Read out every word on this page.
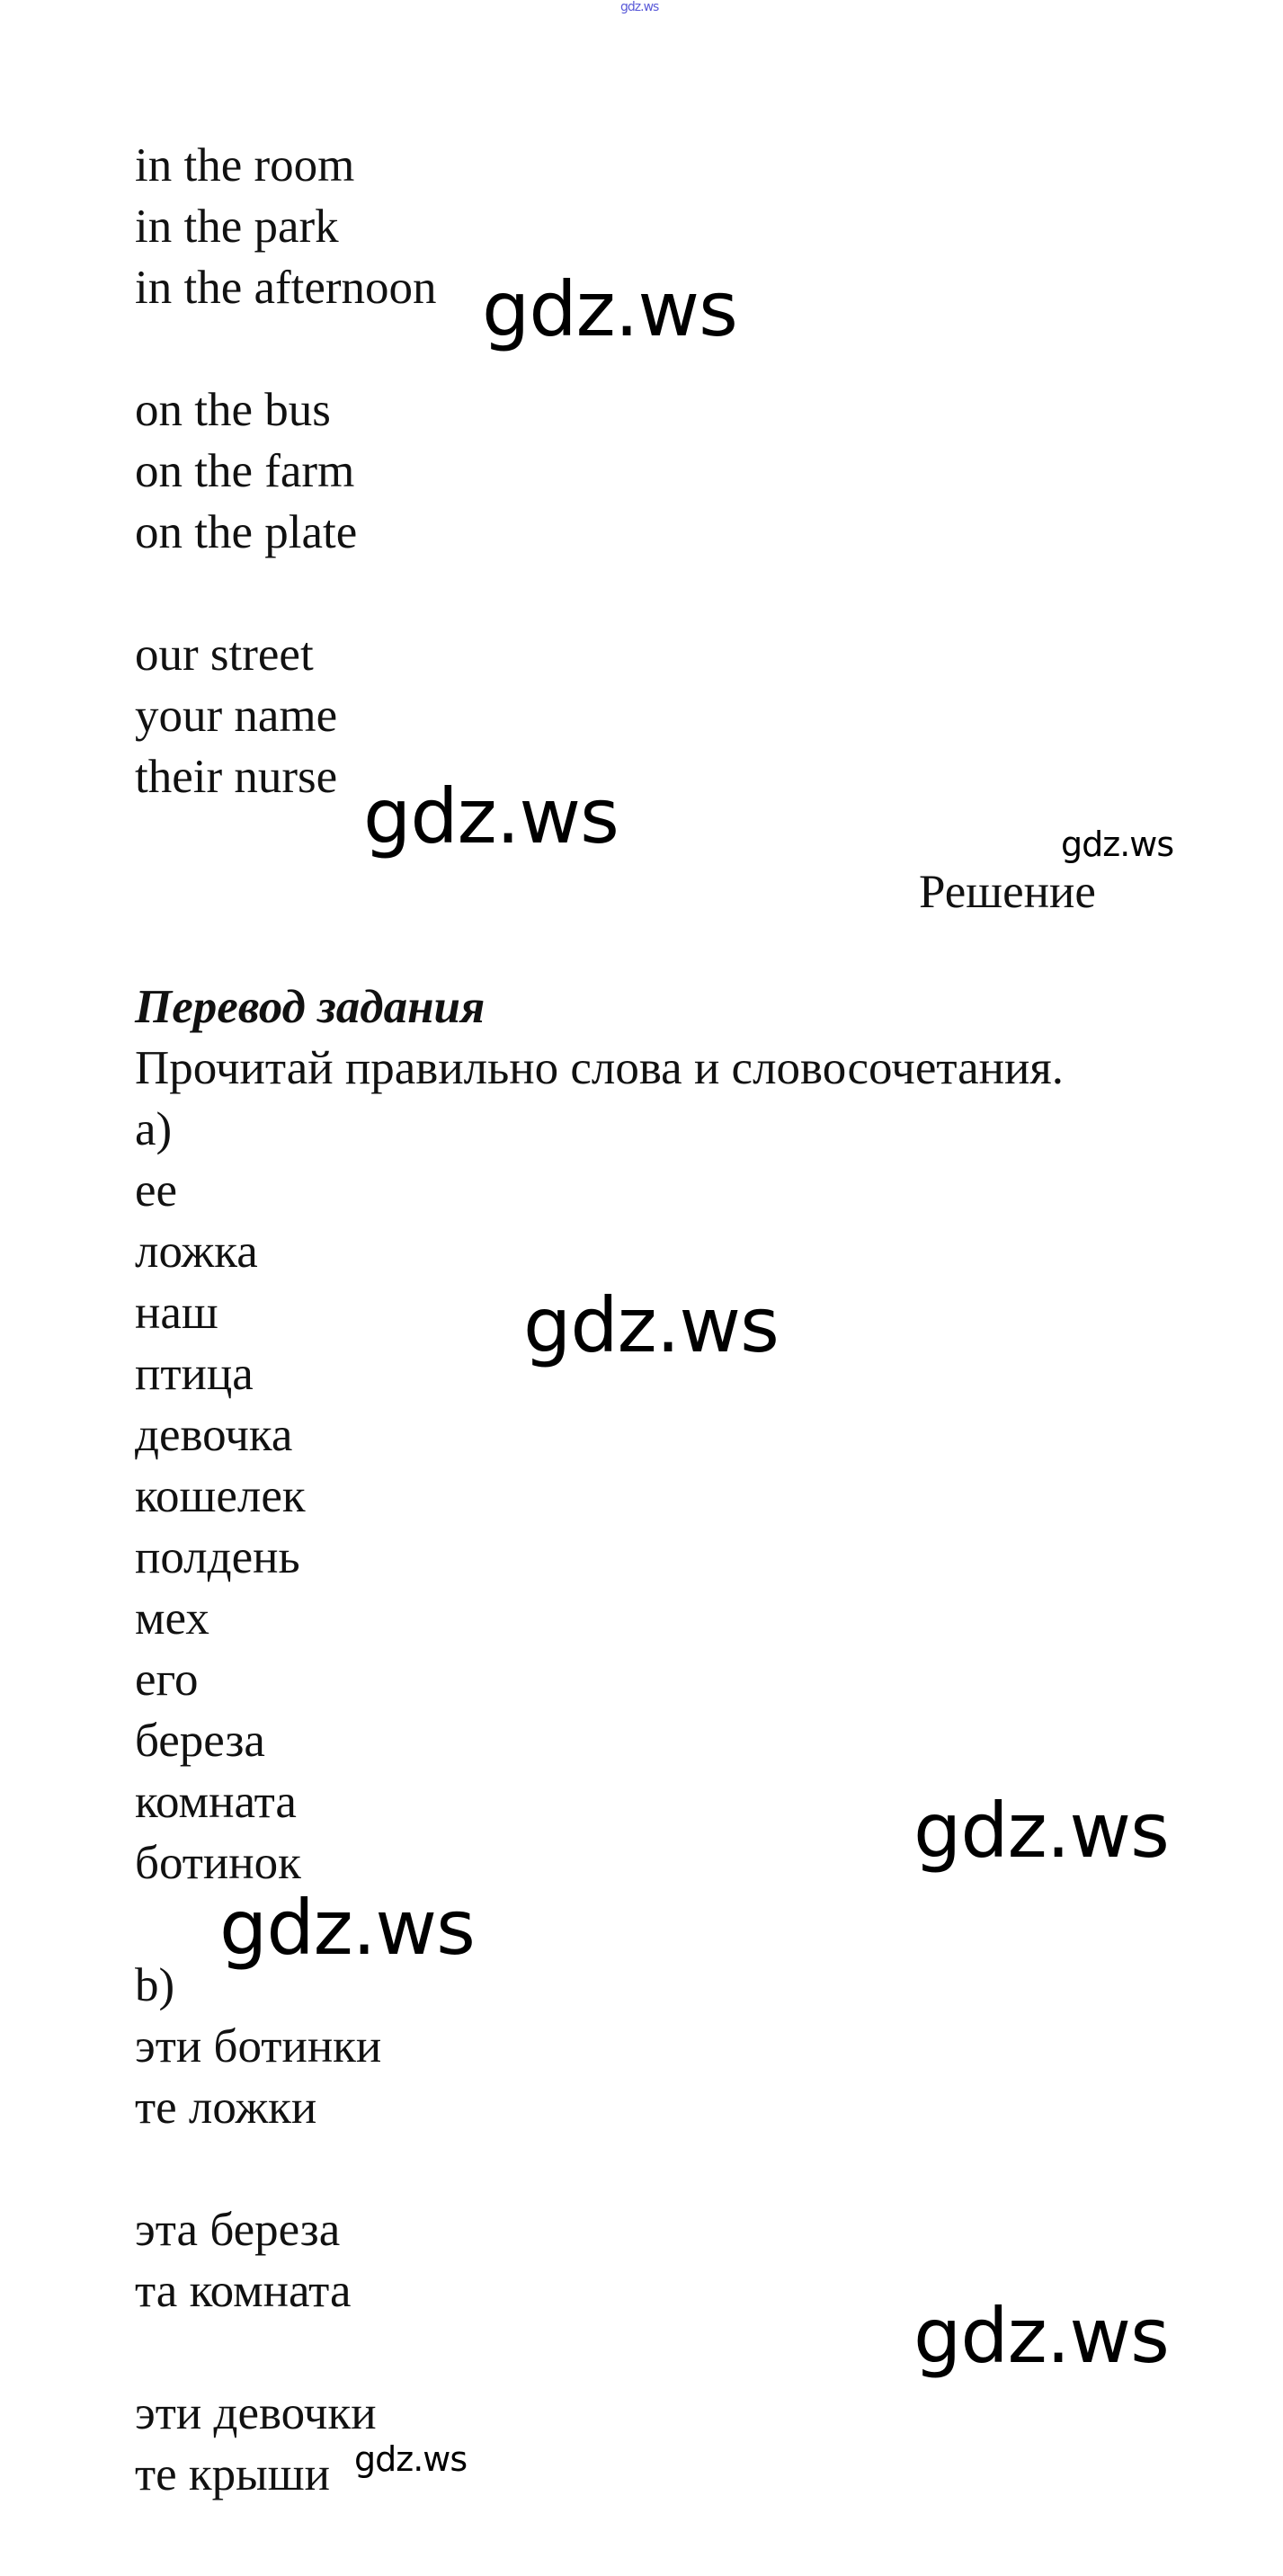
gdz.ws
in the room
in the park
in the afternoon
on the bus
on the farm
on the plate
our street
your name
their nurse
Решение
Перевод задания
Прочитай правильно слова и словосочетания.
a)
ее
ложка
наш
птица
девочка
кошелек
полдень
мех
его
береза
комната
ботинок
b)
эти ботинки
те ложки
эта береза
та комната
эти девочки
те крыши
gdz.ws
gdz.ws	gdz.ws
gdz.ws
gdz.ws
gdz.ws
gdz.ws
gdz.ws
